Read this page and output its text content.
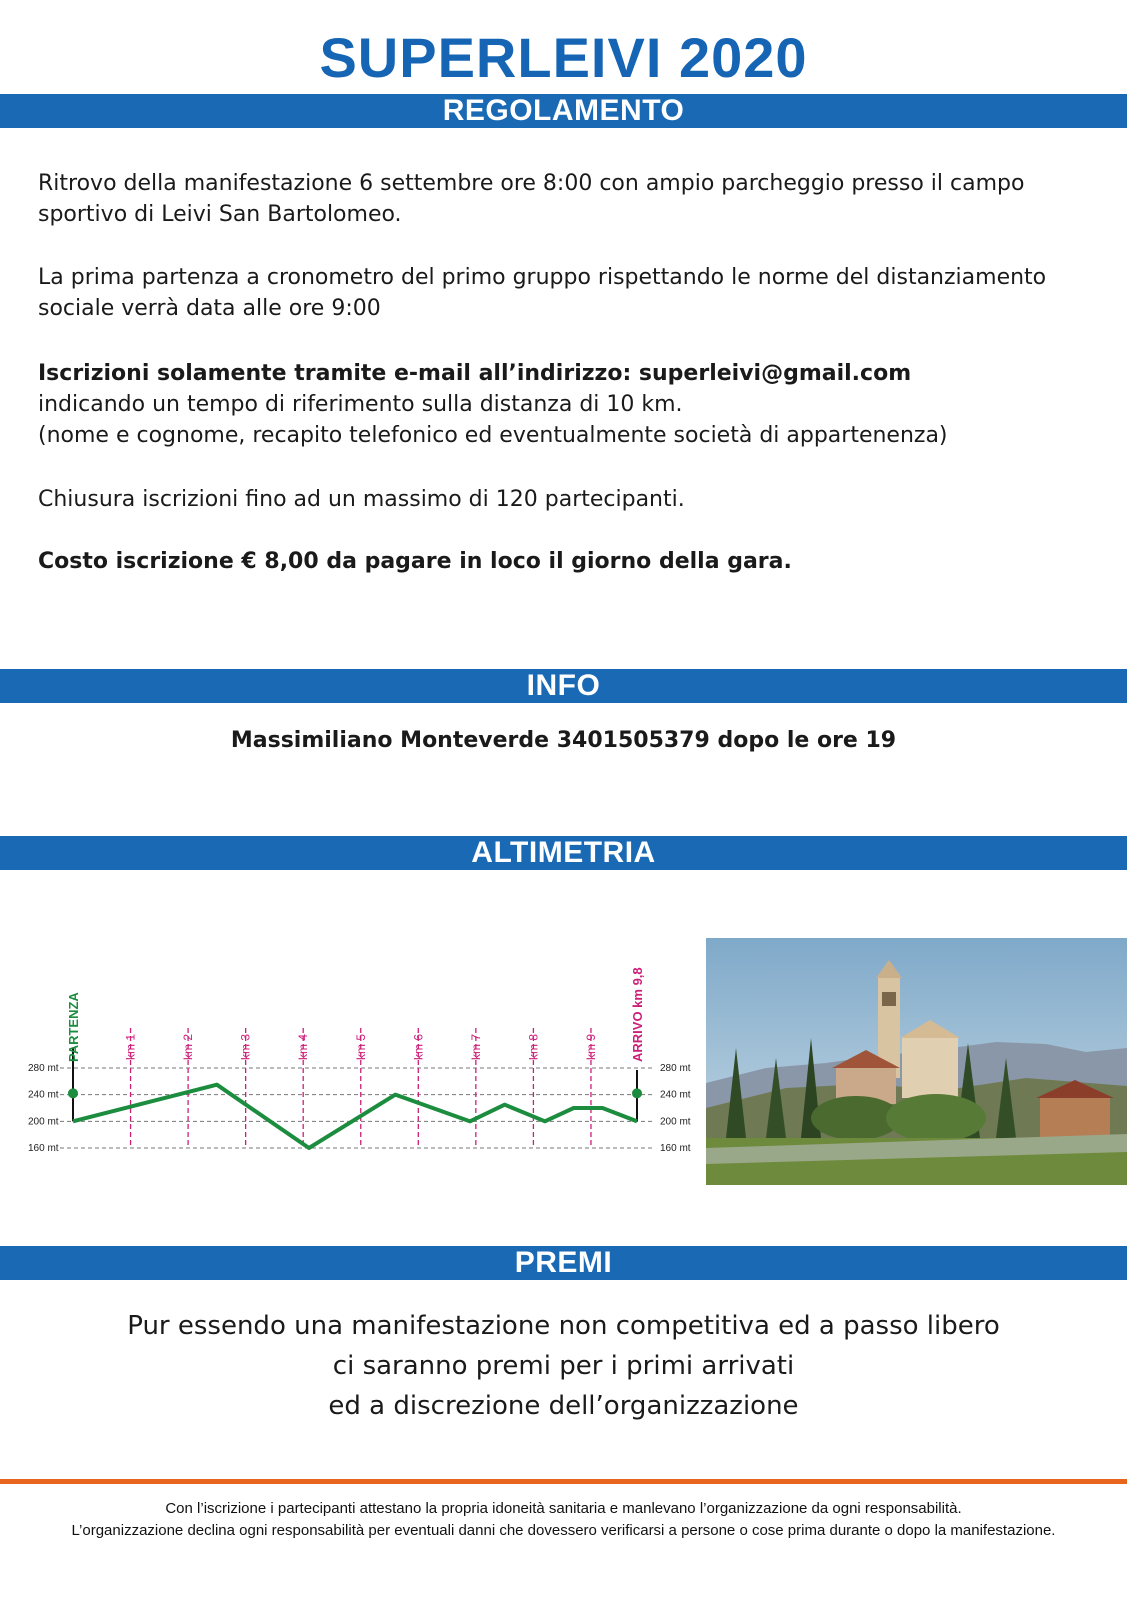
SUPERLEIVI 2020
REGOLAMENTO
Ritrovo della manifestazione 6 settembre ore 8:00 con ampio parcheggio presso il campo
sportivo di Leivi San Bartolomeo.
La prima partenza a cronometro del primo gruppo rispettando le norme del distanziamento
sociale verrà data alle ore 9:00
Iscrizioni solamente tramite e-mail all’indirizzo: superleivi@gmail.com
indicando un tempo di riferimento sulla distanza di 10 km.
(nome e cognome, recapito telefonico ed eventualmente società di appartenenza)
Chiusura iscrizioni fino ad un massimo di 120 partecipanti.
Costo iscrizione € 8,00 da pagare in loco il giorno della gara.
INFO
Massimiliano Monteverde 3401505379 dopo le ore 19
ALTIMETRIA
280 mt	280 mt
240 mt	240 mt
200 mt	200 mt
160 mt	160 mt
km 1	km 2	km 3	km 4	km 5	km 6	km 7	km 8	km 9
PARTENZA	ARRIVO km 9,8
PREMI
Pur essendo una manifestazione non competitiva ed a passo libero
ci saranno premi per i primi arrivati
ed a discrezione dell’organizzazione
Con l’iscrizione i partecipanti attestano la propria idoneità sanitaria e manlevano l’organizzazione da ogni responsabilità.
L’organizzazione declina ogni responsabilità per eventuali danni che dovessero verificarsi a persone o cose prima durante o dopo la manifestazione.
